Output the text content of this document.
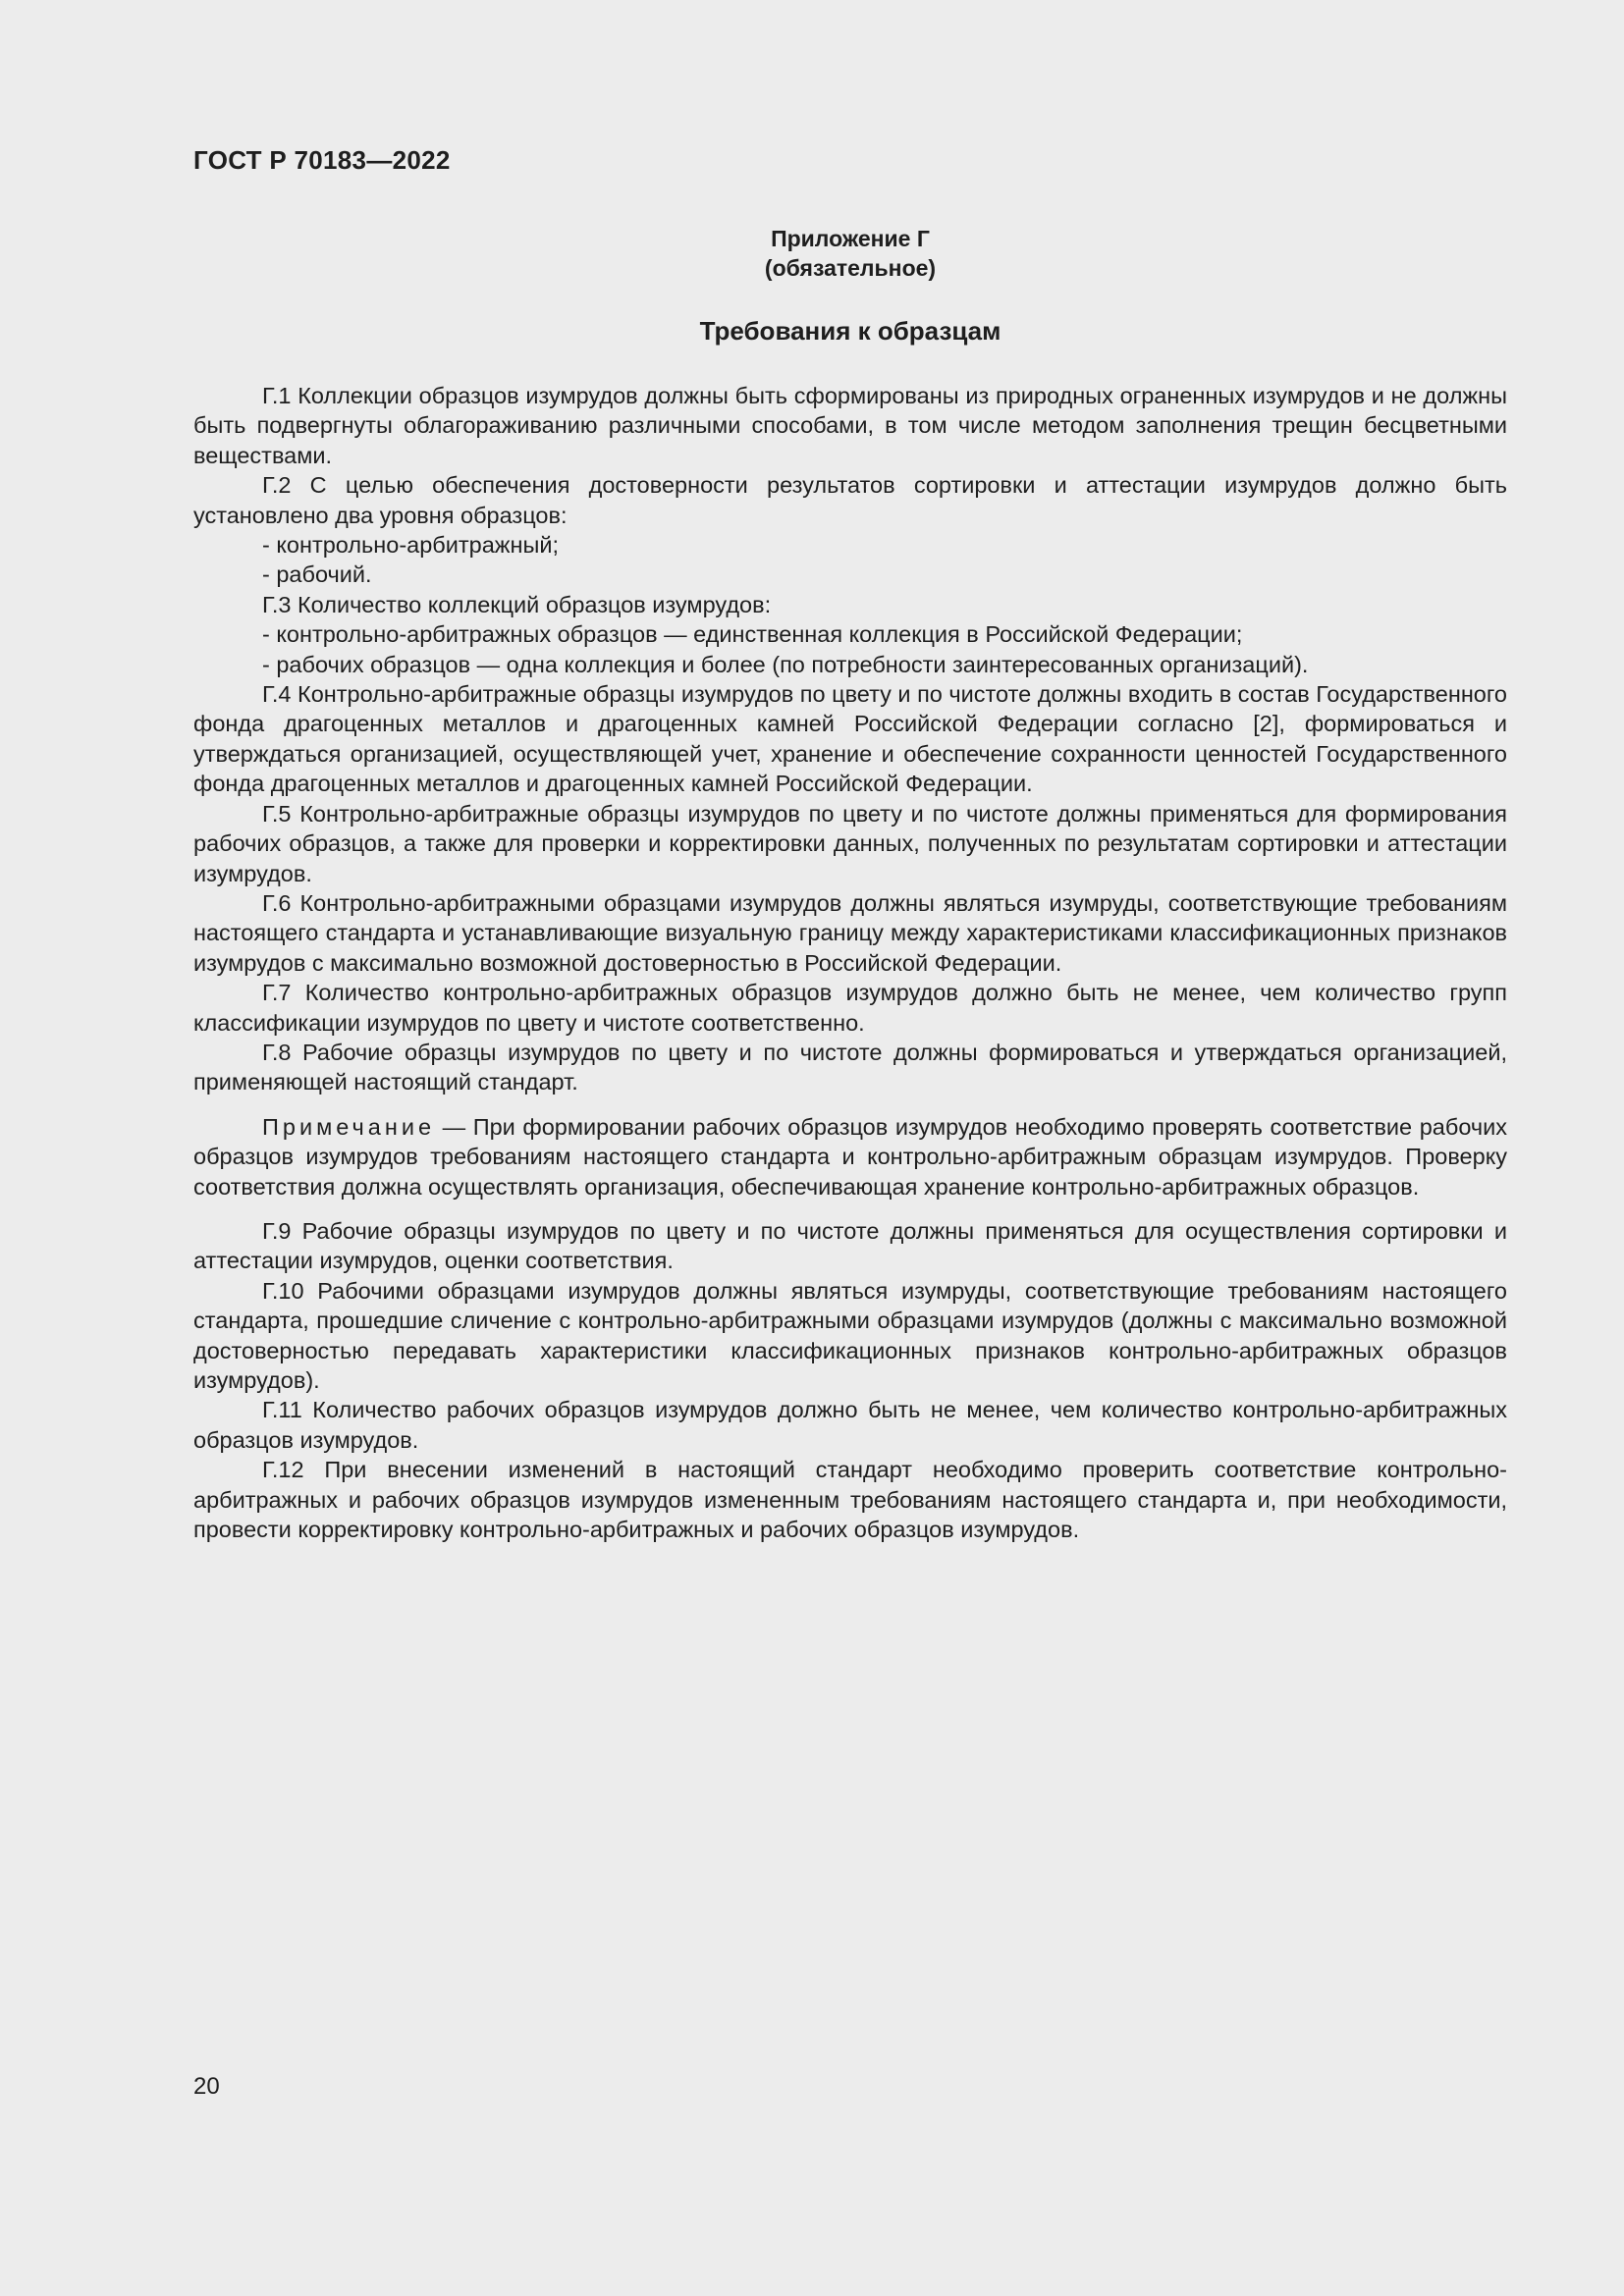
ГОСТ Р 70183—2022
Приложение Г
(обязательное)
Требования к образцам

Г.1 Коллекции образцов изумрудов должны быть сформированы из природных ограненных изумрудов и не должны быть подвергнуты облагораживанию различными способами, в том числе методом заполнения трещин бесцветными веществами.

Г.2 С целью обеспечения достоверности результатов сортировки и аттестации изумрудов должно быть установлено два уровня образцов:

- контрольно-арбитражный;

- рабочий.

Г.3 Количество коллекций образцов изумрудов:

- контрольно-арбитражных образцов — единственная коллекция в Российской Федерации;

- рабочих образцов — одна коллекция и более (по потребности заинтересованных организаций).

Г.4 Контрольно-арбитражные образцы изумрудов по цвету и по чистоте должны входить в состав Государственного фонда драгоценных металлов и драгоценных камней Российской Федерации согласно [2], формироваться и утверждаться организацией, осуществляющей учет, хранение и обеспечение сохранности ценностей Государственного фонда драгоценных металлов и драгоценных камней Российской Федерации.

Г.5 Контрольно-арбитражные образцы изумрудов по цвету и по чистоте должны применяться для формирования рабочих образцов, а также для проверки и корректировки данных, полученных по результатам сортировки и аттестации изумрудов.

Г.6 Контрольно-арбитражными образцами изумрудов должны являться изумруды, соответствующие требованиям настоящего стандарта и устанавливающие визуальную границу между характеристиками классификационных признаков изумрудов с максимально возможной достоверностью в Российской Федерации.

Г.7 Количество контрольно-арбитражных образцов изумрудов должно быть не менее, чем количество групп классификации изумрудов по цвету и чистоте соответственно.

Г.8 Рабочие образцы изумрудов по цвету и по чистоте должны формироваться и утверждаться организацией, применяющей настоящий стандарт.

Примечание — При формировании рабочих образцов изумрудов необходимо проверять соответствие рабочих образцов изумрудов требованиям настоящего стандарта и контрольно-арбитражным образцам изумрудов. Проверку соответствия должна осуществлять организация, обеспечивающая хранение контрольно-арбитражных образцов.

Г.9 Рабочие образцы изумрудов по цвету и по чистоте должны применяться для осуществления сортировки и аттестации изумрудов, оценки соответствия.

Г.10 Рабочими образцами изумрудов должны являться изумруды, соответствующие требованиям настоящего стандарта, прошедшие сличение с контрольно-арбитражными образцами изумрудов (должны с максимально возможной достоверностью передавать характеристики классификационных признаков контрольно-арбитражных образцов изумрудов).

Г.11 Количество рабочих образцов изумрудов должно быть не менее, чем количество контрольно-арбитражных образцов изумрудов.

Г.12 При внесении изменений в настоящий стандарт необходимо проверить соответствие контрольно-арбитражных и рабочих образцов изумрудов измененным требованиям настоящего стандарта и, при необходимости, провести корректировку контрольно-арбитражных и рабочих образцов изумрудов.

20
